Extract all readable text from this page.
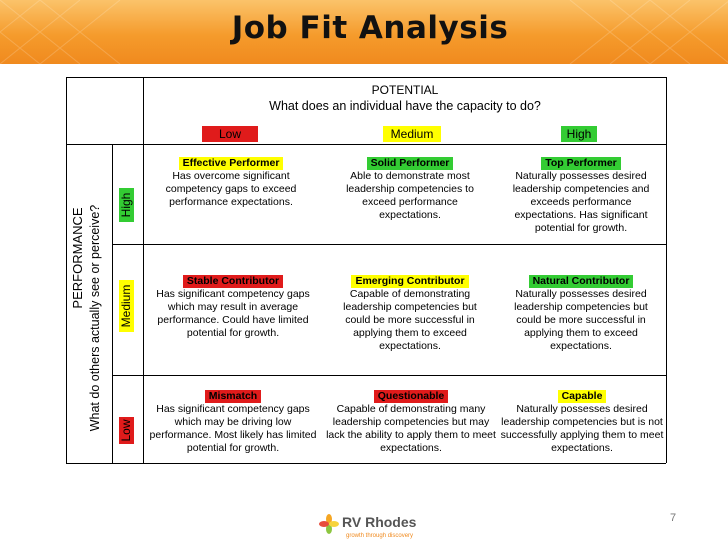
Job Fit Analysis
POTENTIAL
What does an individual have the capacity to do?
Low	Medium	High
PERFORMANCE What do others actually see or perceive? High
Medium
Low
Effective Performer
Has overcome significant competency gaps to exceed performance expectations.
Solid Performer
Able to demonstrate most leadership competencies to exceed performance expectations.
Top Performer
Naturally possesses desired leadership competencies and exceeds performance expectations. Has significant potential for growth.
Stable Contributor
Has significant competency gaps which may result in average performance. Could have limited potential for growth.
Emerging Contributor
Capable of demonstrating leadership competencies but could be more successful in applying them to exceed expectations.
Natural Contributor
Naturally possesses desired leadership competencies but could be more successful in applying them to exceed expectations.
Mismatch
Has significant competency gaps which may be driving low performance. Most likely has limited potential for growth.
Questionable
Capable of demonstrating many leadership competencies but may lack the ability to apply them to meet expectations.
Capable
Naturally possesses desired leadership competencies but is not successfully applying them to meet expectations.
RV Rhodes
growth through discovery
7
